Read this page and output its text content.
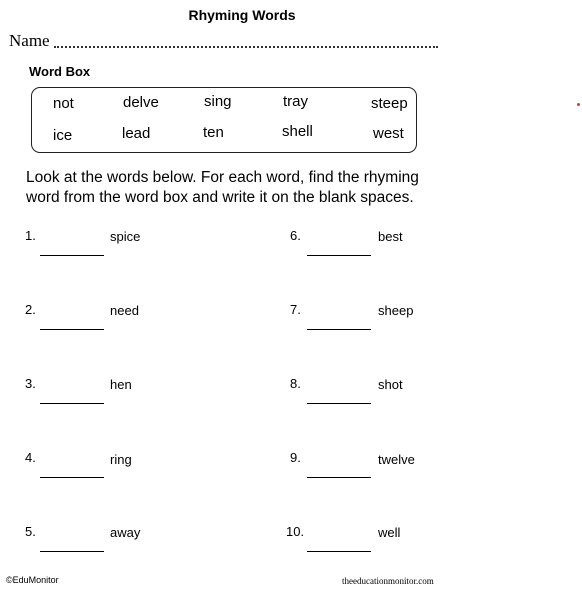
Rhyming Words
Name
Word Box
not	delve	sing	tray	steep
ice	lead	ten	shell	west
Look at the words below. For each word, find the rhyming word from the word box and write it on the blank spaces.
1.	spice
2.	need
3.	hen
4.	ring
5.	away
6.	best
7.	sheep
8.	shot
9.	twelve
10.	well
©EduMonitor	theeducationmonitor.com
